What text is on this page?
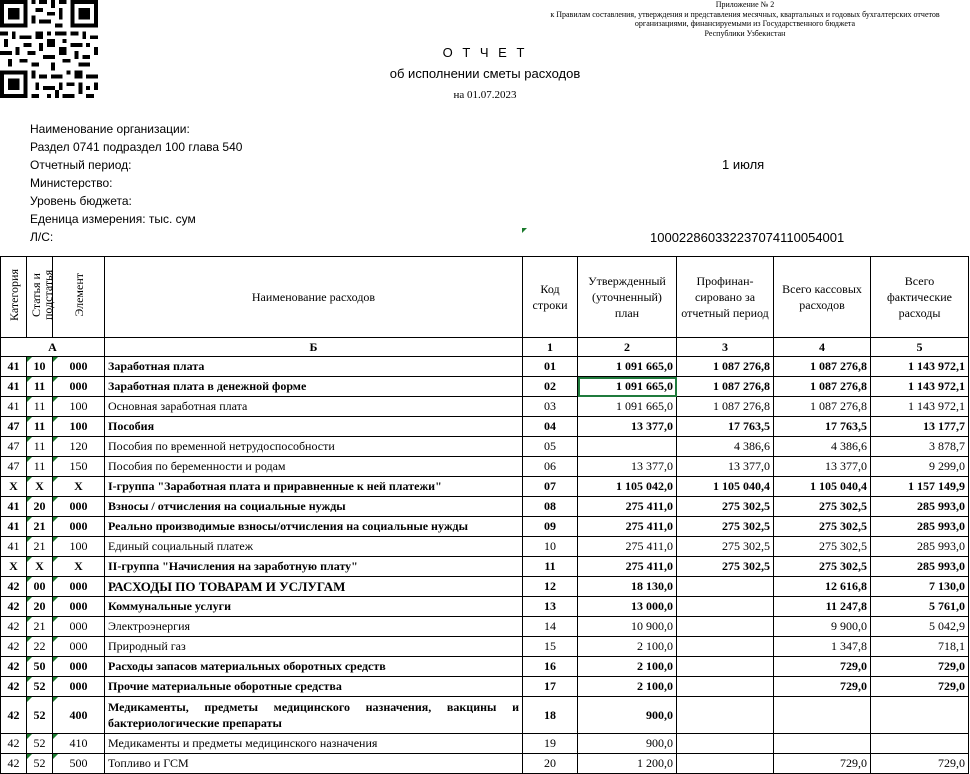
Приложение № 2
к Правилам составления, утверждения и представления месячных, квартальных и годовых бухгалтерских отчетов
организациями, финансируемыми из Государственного бюджета
Республики Узбекистан
О Т Ч Е Т
об исполнении сметы расходов
на 01.07.2023
Наименование организации:
Раздел 0741 подраздел 100 глава 540
Отчетный период:	1 июля
Министерство:
Уровень бюджета:
Еденица измерения: тыс. сум
Л/С:	100022860332237074110054001
Категория	Статья и подстатья	Элемент	Наименование расходов	Код строки	Утвержденный (уточненный) план	Профинан-сировано за отчетный период	Всего кассовых расходов	Всего фактические расходы
А			Б	1	2	3	4	5
41	10	000	Заработная плата	01	1 091 665,0	1 087 276,8	1 087 276,8	1 143 972,1
41	11	000	Заработная плата в денежной форме	02	1 091 665,0	1 087 276,8	1 087 276,8	1 143 972,1
41	11	100	Основная заработная плата	03	1 091 665,0	1 087 276,8	1 087 276,8	1 143 972,1
47	11	100	Пособия	04	13 377,0	17 763,5	17 763,5	13 177,7
47	11	120	Пособия по временной нетрудоспособности	05		4 386,6	4 386,6	3 878,7
47	11	150	Пособия по беременности и родам	06	13 377,0	13 377,0	13 377,0	9 299,0
X	X	X	I-группа "Заработная плата и приравненные к ней платежи"	07	1 105 042,0	1 105 040,4	1 105 040,4	1 157 149,9
41	20	000	Взносы / отчисления на социальные нужды	08	275 411,0	275 302,5	275 302,5	285 993,0
41	21	000	Реально производимые взносы/отчисления на социальные нужды	09	275 411,0	275 302,5	275 302,5	285 993,0
41	21	100	Единый социальный платеж	10	275 411,0	275 302,5	275 302,5	285 993,0
X	X	X	II-группа "Начисления на заработную плату"	11	275 411,0	275 302,5	275 302,5	285 993,0
42	00	000	РАСХОДЫ ПО ТОВАРАМ И УСЛУГАМ	12	18 130,0		12 616,8	7 130,0
42	20	000	Коммунальные услуги	13	13 000,0		11 247,8	5 761,0
42	21	000	Электроэнергия	14	10 900,0		9 900,0	5 042,9
42	22	000	Природный газ	15	2 100,0		1 347,8	718,1
42	50	000	Расходы запасов материальных оборотных средств	16	2 100,0		729,0	729,0
42	52	000	Прочие материальные оборотные средства	17	2 100,0		729,0	729,0
42	52	400	Медикаменты, предметы медицинского назначения, вакцины и бактериологические препараты	18	900,0			
42	52	410	Медикаменты и предметы медицинского назначения	19	900,0			
42	52	500	Топливо и ГСМ	20	1 200,0		729,0	729,0
